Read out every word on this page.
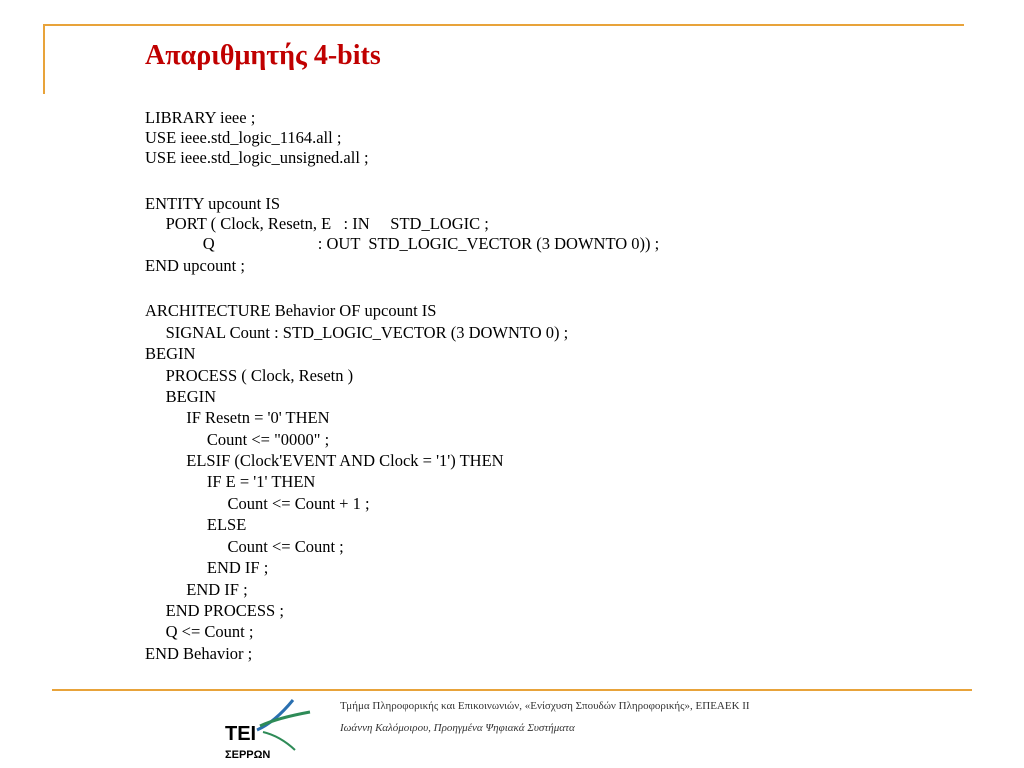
Απαριθμητής 4-bits
LIBRARY ieee ;
USE ieee.std_logic_1164.all ;
USE ieee.std_logic_unsigned.all ;
ENTITY upcount IS
PORT ( Clock, Resetn, E   : IN     STD_LOGIC ;
Q                         : OUT  STD_LOGIC_VECTOR (3 DOWNTO 0)) ;
END upcount ;
ARCHITECTURE Behavior OF upcount IS
SIGNAL Count : STD_LOGIC_VECTOR (3 DOWNTO 0) ;
BEGIN
PROCESS ( Clock, Resetn )
BEGIN
IF Resetn = '0' THEN
Count <= "0000" ;
ELSIF (Clock'EVENT AND Clock = '1') THEN
IF E = '1' THEN
Count <= Count + 1 ;
ELSE
Count <= Count ;
END IF ;
END IF ;
END PROCESS ;
Q <= Count ;
END Behavior ;
ΤΕΙ
ΣΕΡΡΩΝ
Τμήμα Πληροφορικής και Επικοινωνιών, «Ενίσχυση Σπουδών Πληροφορικής», ΕΠΕΑΕΚ ΙΙ
Ιωάννη Καλόμοιρου, Προηγμένα Ψηφιακά Συστήματα
